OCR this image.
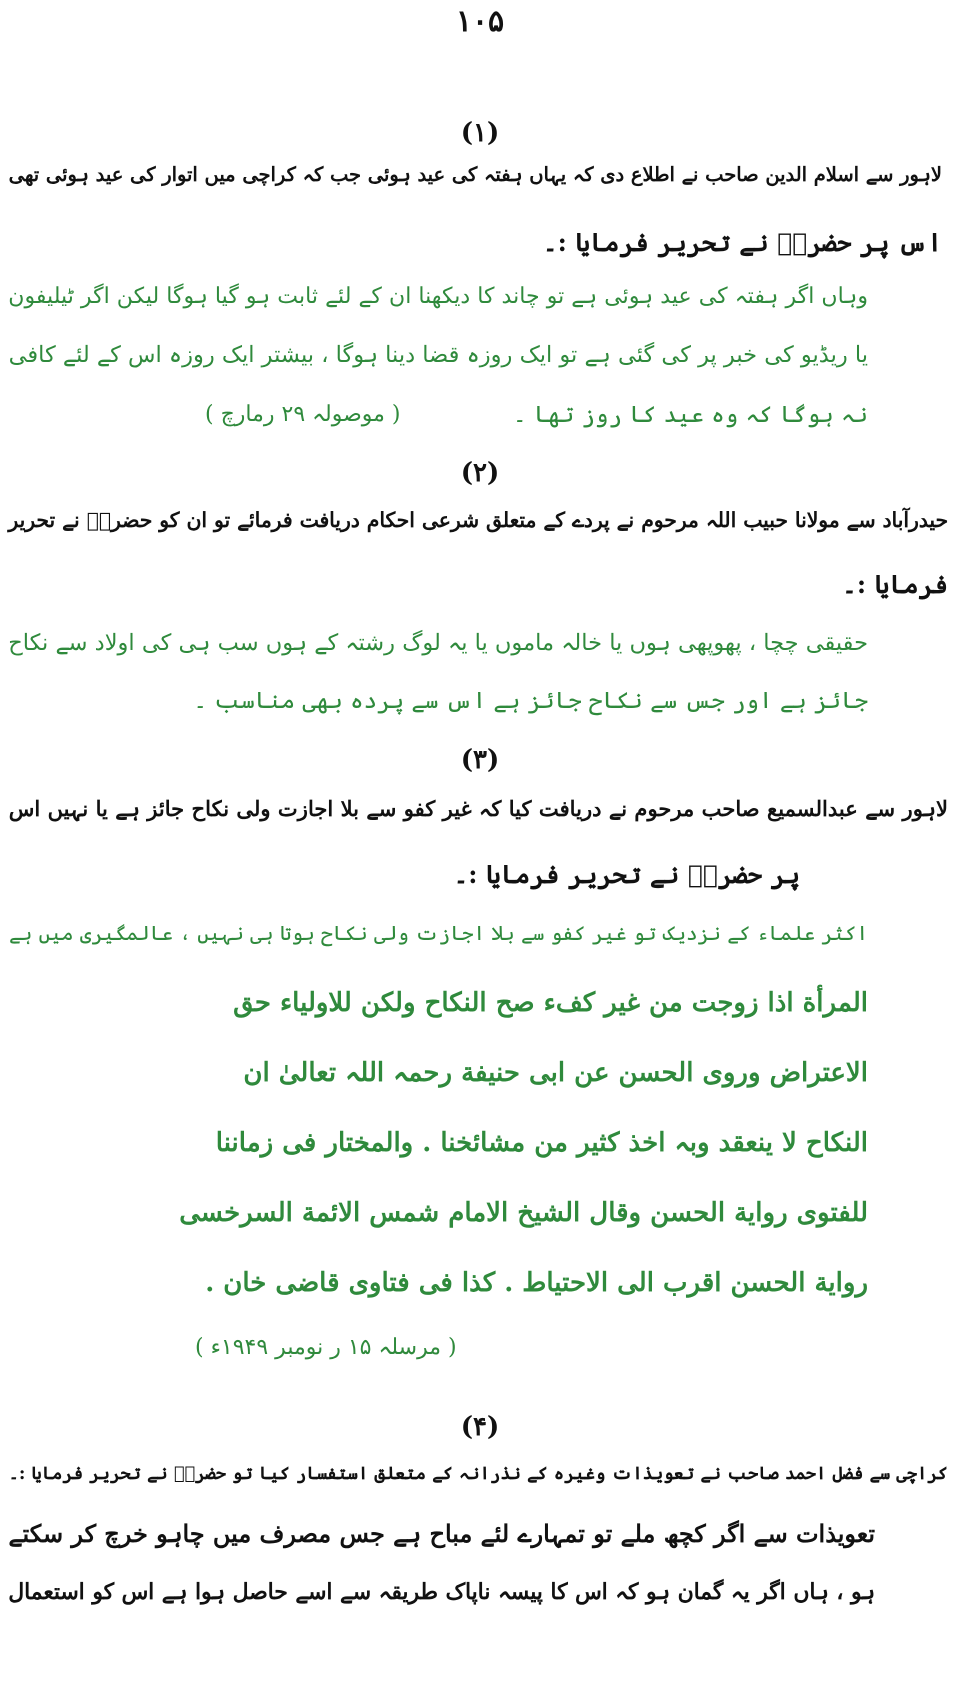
۱۰۵
(۱)
لاہور سے اسلام الدین صاحب نے اطلاع دی کہ یہاں ہفتہ کی عید ہوئی جب کہ کراچی میں اتوار کی عید ہوئی تھی
اس پر حضرتؒ نے تحریر فرمایا :۔
وہاں اگر ہفتہ کی عید ہوئی ہے تو چاند کا دیکھنا ان کے لئے ثابت ہو گیا ہوگا لیکن اگر ٹیلیفون
یا ریڈیو کی خبر پر کی گئی ہے تو ایک روزہ قضا دینا ہوگا ، بیشتر ایک روزہ اس کے لئے کافی
نہ ہوگا کہ وہ عید کا روز تھا ۔
( موصولہ ۲۹ رمارچ )
(۲)
حیدرآباد سے مولانا حبیب اللہ مرحوم نے پردے کے متعلق شرعی احکام دریافت فرمائے تو ان کو حضرتؒ نے تحریر
فرمایا :۔
حقیقی چچا ، پھوپھی ہوں یا خالہ ماموں یا یہ لوگ رشتہ کے ہوں سب ہی کی اولاد سے نکاح
جائز ہے اور جس سے نکاح جائز ہے اس سے پردہ بھی مناسب ۔
(۳)
لاہور سے عبدالسمیع صاحب مرحوم نے دریافت کیا کہ غیر کفو سے بلا اجازت ولی نکاح جائز ہے یا نہیں اس
پر حضرتؒ نے تحریر فرمایا :۔
اکثر علماء کے نزدیک تو غیر کفو سے بلا اجازت ولی نکاح ہوتا ہی نہیں ، عالمگیری میں ہے
المرأة اذا زوجت من غیر کفء صح النکاح ولکن للاولیاء حق
الاعتراض وروی الحسن عن ابی حنیفة رحمہ اللہ تعالیٰ ان
النکاح لا ینعقد وبہ اخذ کثیر من مشائخنا . والمختار فی زماننا
للفتوی روایة الحسن وقال الشیخ الامام شمس الائمة السرخسی
روایة الحسن اقرب الی الاحتیاط . کذا فی فتاوی قاضی خان .
( مرسلہ ۱۵ ر نومبر ۱۹۴۹ء )
(۴)
کراچی سے فضل احمد صاحب نے تعویذات وغیرہ کے نذرانہ کے متعلق استفسار کیا تو حضرتؒ نے تحریر فرمایا :۔
تعویذات سے اگر کچھ ملے تو تمہارے لئے مباح ہے جس مصرف میں چاہو خرچ کر سکتے
ہو ، ہاں اگر یہ گمان ہو کہ اس کا پیسہ ناپاک طریقہ سے اسے حاصل ہوا ہے اس کو استعمال
